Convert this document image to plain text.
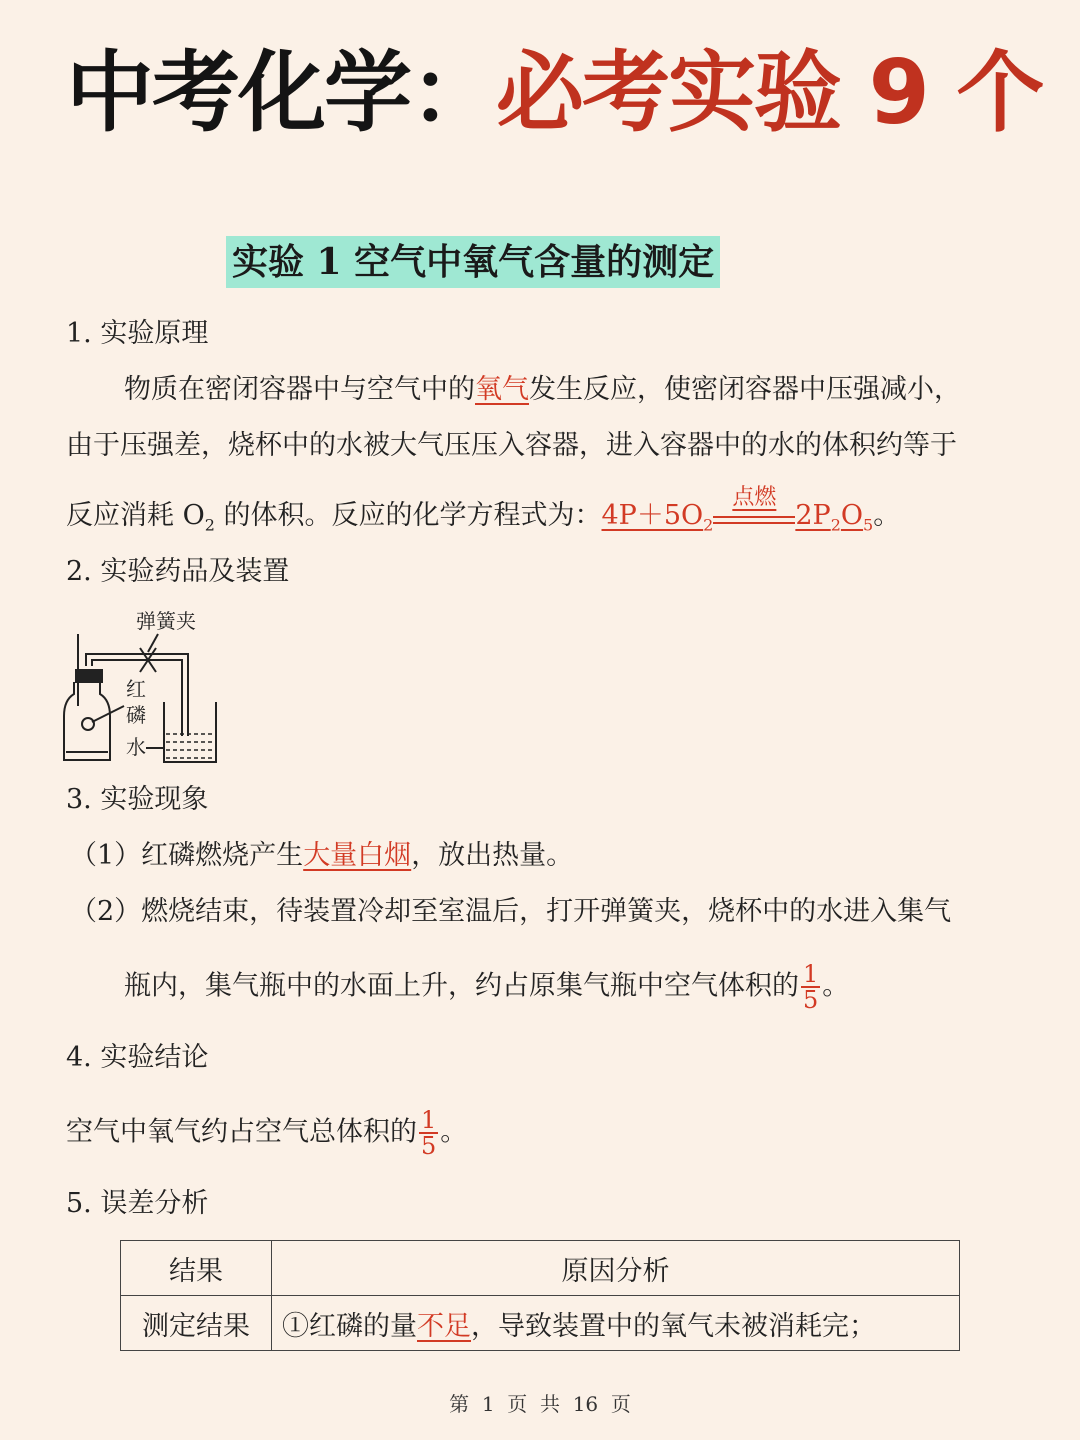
中考化学：必考实验 9 个
实验 1 空气中氧气含量的测定
1. 实验原理
物质在密闭容器中与空气中的氧气发生反应，使密闭容器中压强减小，
由于压强差，烧杯中的水被大气压压入容器，进入容器中的水的体积约等于
反应消耗 $O_2$ 的体积。反应的化学方程式为：$4P+5O_2$
点燃
$2P_2O_5$。
2. 实验药品及装置
弹簧夹
红
磷
水
3. 实验现象
（1）红磷燃烧产生大量白烟，放出热量。
（2）燃烧结束，待装置冷却至室温后，打开弹簧夹，烧杯中的水进入集气
瓶内，集气瓶中的水面上升，约占原集气瓶中空气体积的 $\frac{1}{5}$ 。
4. 实验结论
空气中氧气约占空气总体积的 $\frac{1}{5}$ 。
5. 误差分析
结果	原因分析
测定结果	①红磷的量不足，导致装置中的氧气未被消耗完；
第  1  页  共  16  页
